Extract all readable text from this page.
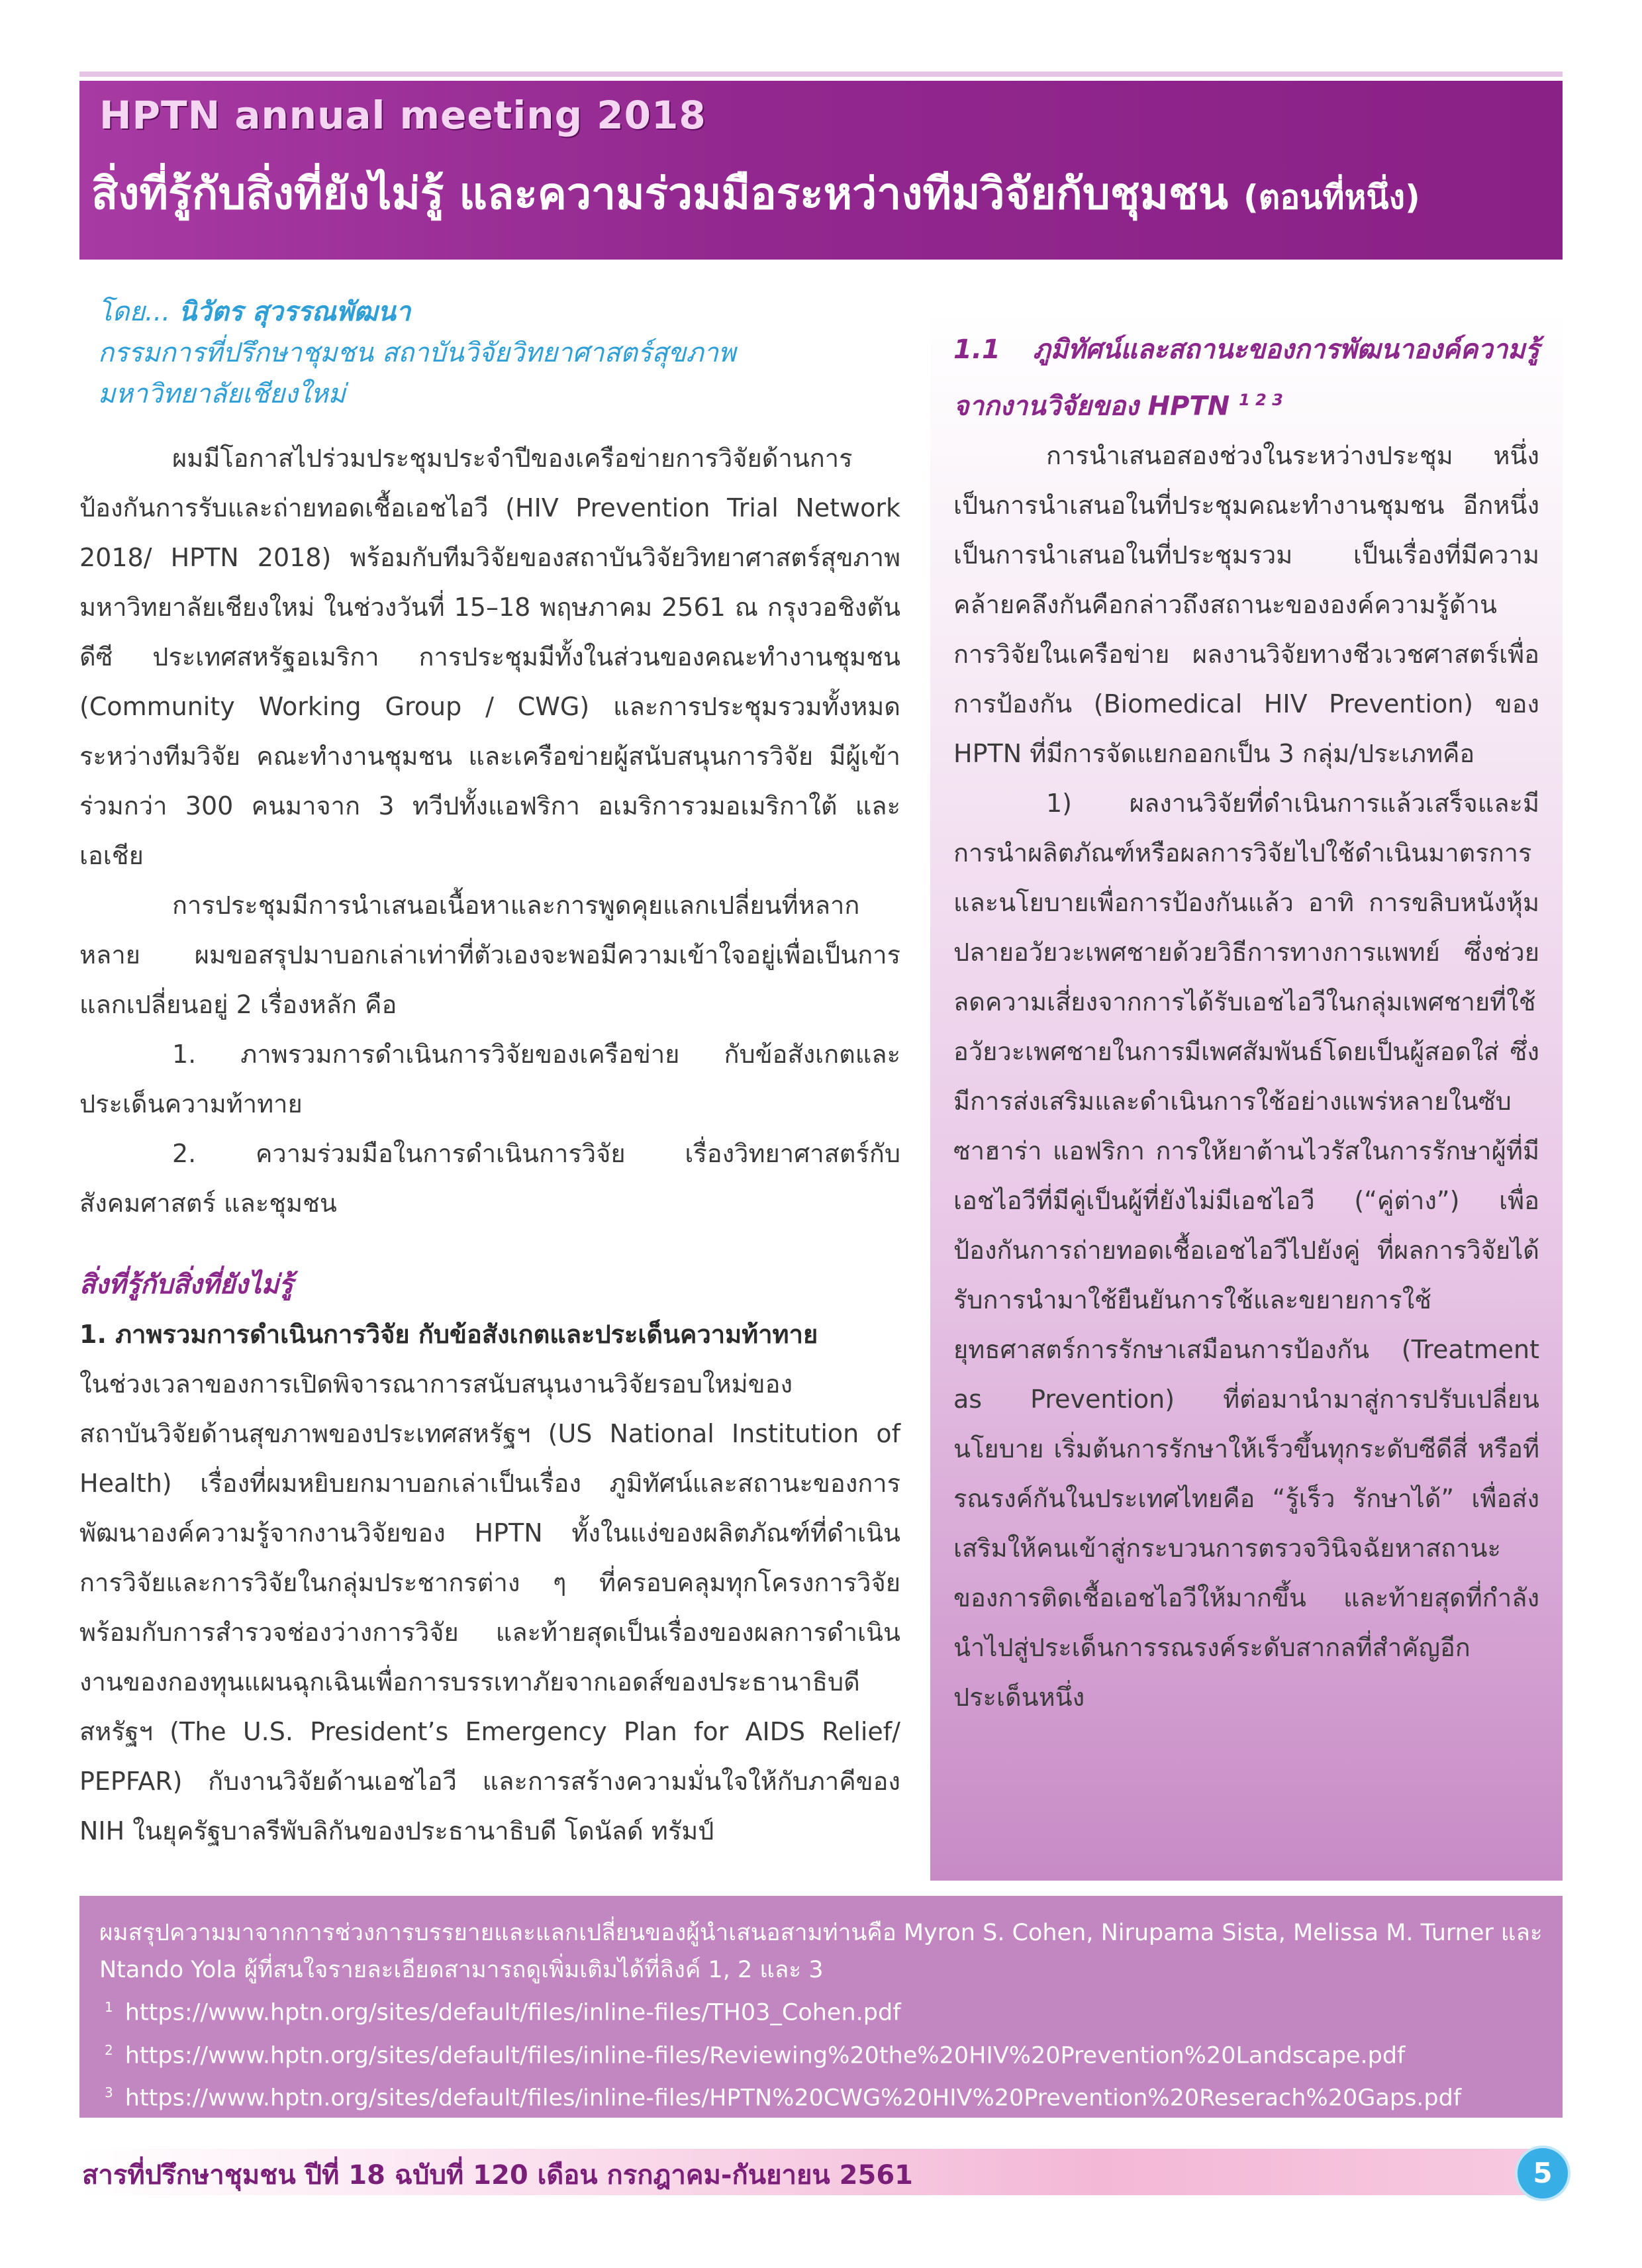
HPTN annual meeting 2018
สิ่งที่รู้กับสิ่งที่ยังไม่รู้ และความร่วมมือระหว่างทีมวิจัยกับชุมชน (ตอนที่หนึ่ง)
โดย... นิวัตร สุวรรณพัฒนา
กรรมการที่ปรึกษาชุมชน สถาบันวิจัยวิทยาศาสตร์สุขภาพ
มหาวิทยาลัยเชียงใหม่

ผมมีโอกาสไปร่วมประชุมประจำปีของเครือข่ายการวิจัยด้านการป้องกันการรับและถ่ายทอดเชื้อเอชไอวี (HIV Prevention Trial Network 2018/ HPTN 2018) พร้อมกับทีมวิจัยของสถาบันวิจัยวิทยาศาสตร์สุขภาพ มหาวิทยาลัยเชียงใหม่ ในช่วงวันที่ 15–18 พฤษภาคม 2561 ณ กรุงวอชิงตัน ดีซี ประเทศสหรัฐอเมริกา การประชุมมีทั้งในส่วนของคณะทำงานชุมชน (Community Working Group / CWG) และการประชุมรวมทั้งหมดระหว่างทีมวิจัย คณะทำงานชุมชน และเครือข่ายผู้สนับสนุนการวิจัย มีผู้เข้าร่วมกว่า 300 คนมาจาก 3 ทวีปทั้งแอฟริกา อเมริการวมอเมริกาใต้ และเอเชีย

การประชุมมีการนำเสนอเนื้อหาและการพูดคุยแลกเปลี่ยนที่หลากหลาย ผมขอสรุปมาบอกเล่าเท่าที่ตัวเองจะพอมีความเข้าใจอยู่เพื่อเป็นการแลกเปลี่ยนอยู่ 2 เรื่องหลัก คือ

1. ภาพรวมการดำเนินการวิจัยของเครือข่าย กับข้อสังเกตและประเด็นความท้าทาย

2. ความร่วมมือในการดำเนินการวิจัย เรื่องวิทยาศาสตร์กับสังคมศาสตร์ และชุมชน

สิ่งที่รู้กับสิ่งที่ยังไม่รู้

1. ภาพรวมการดำเนินการวิจัย กับข้อสังเกตและประเด็นความท้าทาย

ในช่วงเวลาของการเปิดพิจารณาการสนับสนุนงานวิจัยรอบใหม่ของสถาบันวิจัยด้านสุขภาพของประเทศสหรัฐฯ (US National Institution of Health) เรื่องที่ผมหยิบยกมาบอกเล่าเป็นเรื่อง ภูมิทัศน์และสถานะของการพัฒนาองค์ความรู้จากงานวิจัยของ HPTN ทั้งในแง่ของผลิตภัณฑ์ที่ดำเนินการวิจัยและการวิจัยในกลุ่มประชากรต่าง ๆ ที่ครอบคลุมทุกโครงการวิจัย พร้อมกับการสำรวจช่องว่างการวิจัย และท้ายสุดเป็นเรื่องของผลการดำเนินงานของกองทุนแผนฉุกเฉินเพื่อการบรรเทาภัยจากเอดส์ของประธานาธิบดีสหรัฐฯ (The U.S. President’s Emergency Plan for AIDS Relief/ PEPFAR) กับงานวิจัยด้านเอชไอวี และการสร้างความมั่นใจให้กับภาคีของ NIH ในยุครัฐบาลรีพับลิกันของประธานาธิบดี โดนัลด์ ทรัมป์

1.1 ภูมิทัศน์และสถานะของการพัฒนาองค์ความรู้จากงานวิจัยของ HPTN $^{1 2 3}$

การนำเสนอสองช่วงในระหว่างประชุม หนึ่งเป็นการนำเสนอในที่ประชุมคณะทำงานชุมชน อีกหนึ่งเป็นการนำเสนอในที่ประชุมรวม เป็นเรื่องที่มีความคล้ายคลึงกันคือกล่าวถึงสถานะขององค์ความรู้ด้านการวิจัยในเครือข่าย ผลงานวิจัยทางชีวเวชศาสตร์เพื่อการป้องกัน (Biomedical HIV Prevention) ของ HPTN ที่มีการจัดแยกออกเป็น 3 กลุ่ม/ประเภทคือ

1) ผลงานวิจัยที่ดำเนินการแล้วเสร็จและมีการนำผลิตภัณฑ์หรือผลการวิจัยไปใช้ดำเนินมาตรการและนโยบายเพื่อการป้องกันแล้ว อาทิ การขลิบหนังหุ้มปลายอวัยวะเพศชายด้วยวิธีการทางการแพทย์ ซึ่งช่วยลดความเสี่ยงจากการได้รับเอชไอวีในกลุ่มเพศชายที่ใช้อวัยวะเพศชายในการมีเพศสัมพันธ์โดยเป็นผู้สอดใส่ ซึ่งมีการส่งเสริมและดำเนินการใช้อย่างแพร่หลายในซับซาฮาร่า แอฟริกา การให้ยาต้านไวรัสในการรักษาผู้ที่มีเอชไอวีที่มีคู่เป็นผู้ที่ยังไม่มีเอชไอวี (“คู่ต่าง”) เพื่อป้องกันการถ่ายทอดเชื้อเอชไอวีไปยังคู่ ที่ผลการวิจัยได้รับการนำมาใช้ยืนยันการใช้และขยายการใช้ยุทธศาสตร์การรักษาเสมือนการป้องกัน (Treatment as Prevention) ที่ต่อมานำมาสู่การปรับเปลี่ยนนโยบาย เริ่มต้นการรักษาให้เร็วขึ้นทุกระดับซีดีสี่ หรือที่รณรงค์กันในประเทศไทยคือ “รู้เร็ว รักษาได้” เพื่อส่งเสริมให้คนเข้าสู่กระบวนการตรวจวินิจฉัยหาสถานะของการติดเชื้อเอชไอวีให้มากขึ้น และท้ายสุดที่กำลังนำไปสู่ประเด็นการรณรงค์ระดับสากลที่สำคัญอีกประเด็นหนึ่ง

ผมสรุปความมาจากการช่วงการบรรยายและแลกเปลี่ยนของผู้นำเสนอสามท่านคือ Myron S. Cohen, Nirupama Sista, Melissa M. Turner และ Ntando Yola ผู้ที่สนใจรายละเอียดสามารถดูเพิ่มเติมได้ที่ลิงค์ 1, 2 และ 3
$^1$ https://www.hptn.org/sites/default/files/inline-files/TH03_Cohen.pdf
$^2$ https://www.hptn.org/sites/default/files/inline-files/Reviewing%20the%20HIV%20Prevention%20Landscape.pdf
$^3$ https://www.hptn.org/sites/default/files/inline-files/HPTN%20CWG%20HIV%20Prevention%20Reserach%20Gaps.pdf
สารที่ปรึกษาชุมชน ปีที่ 18 ฉบับที่ 120 เดือน กรกฎาคม-กันยายน 2561	5
